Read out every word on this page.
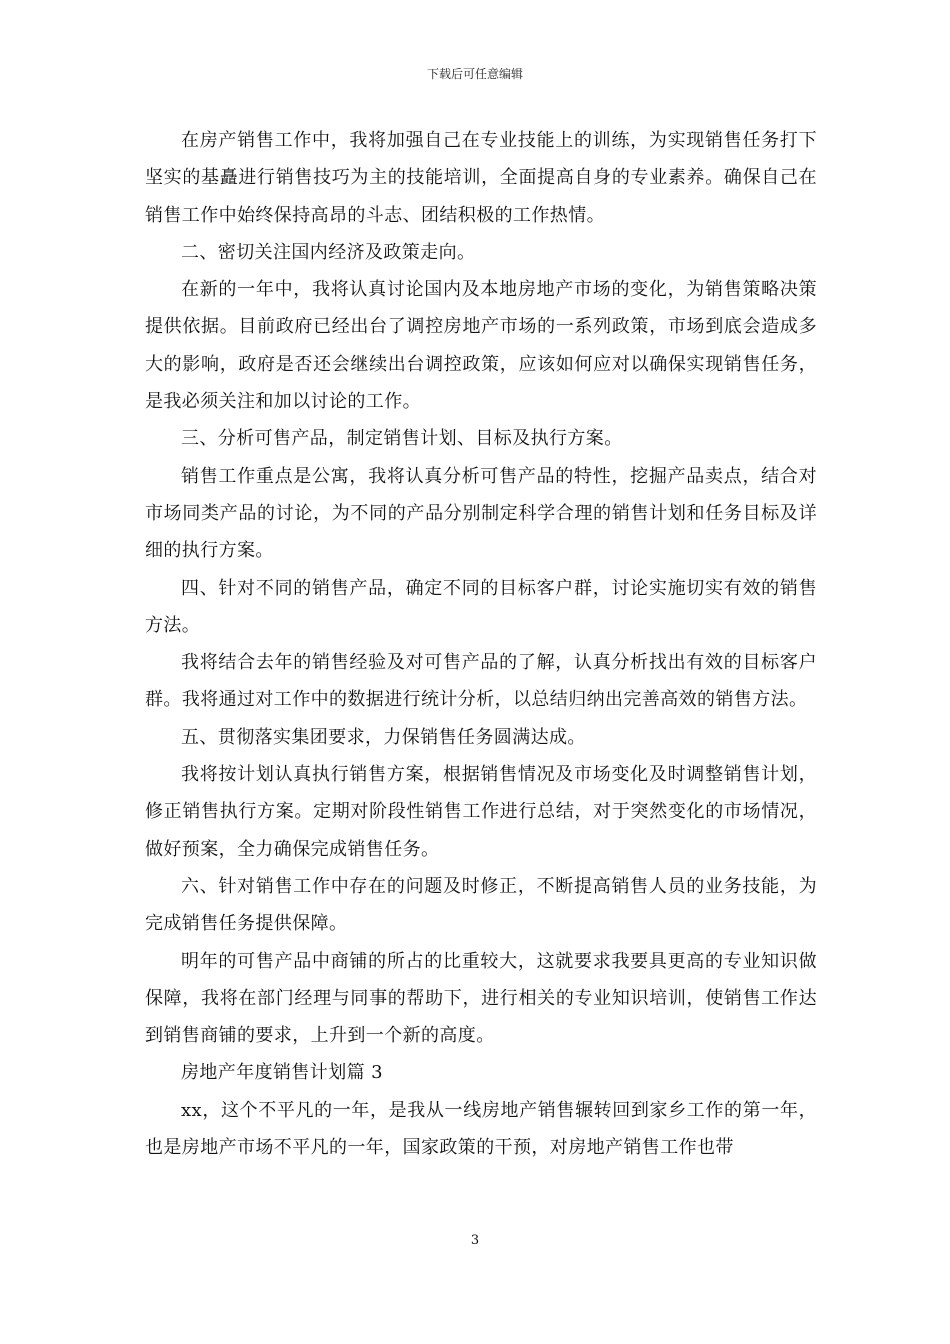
下载后可任意编辑

在房产销售工作中，我将加强自己在专业技能上的训练，为实现销售任务打下坚实的基矗进行销售技巧为主的技能培训，全面提高自身的专业素养。确保自己在销售工作中始终保持高昂的斗志、团结积极的工作热情。

二、密切关注国内经济及政策走向。

在新的一年中，我将认真讨论国内及本地房地产市场的变化，为销售策略决策提供依据。目前政府已经出台了调控房地产市场的一系列政策，市场到底会造成多大的影响，政府是否还会继续出台调控政策，应该如何应对以确保实现销售任务，是我必须关注和加以讨论的工作。

三、分析可售产品，制定销售计划、目标及执行方案。

销售工作重点是公寓，我将认真分析可售产品的特性，挖掘产品卖点，结合对市场同类产品的讨论，为不同的产品分别制定科学合理的销售计划和任务目标及详细的执行方案。

四、针对不同的销售产品，确定不同的目标客户群，讨论实施切实有效的销售方法。

我将结合去年的销售经验及对可售产品的了解，认真分析找出有效的目标客户群。我将通过对工作中的数据进行统计分析，以总结归纳出完善高效的销售方法。

五、贯彻落实集团要求，力保销售任务圆满达成。

我将按计划认真执行销售方案，根据销售情况及市场变化及时调整销售计划，修正销售执行方案。定期对阶段性销售工作进行总结，对于突然变化的市场情况，做好预案，全力确保完成销售任务。

六、针对销售工作中存在的问题及时修正，不断提高销售人员的业务技能，为完成销售任务提供保障。

明年的可售产品中商铺的所占的比重较大，这就要求我要具更高的专业知识做保障，我将在部门经理与同事的帮助下，进行相关的专业知识培训，使销售工作达到销售商铺的要求，上升到一个新的高度。

房地产年度销售计划篇 3

xx，这个不平凡的一年，是我从一线房地产销售辗转回到家乡工作的第一年，也是房地产市场不平凡的一年，国家政策的干预，对房地产销售工作也带

3
